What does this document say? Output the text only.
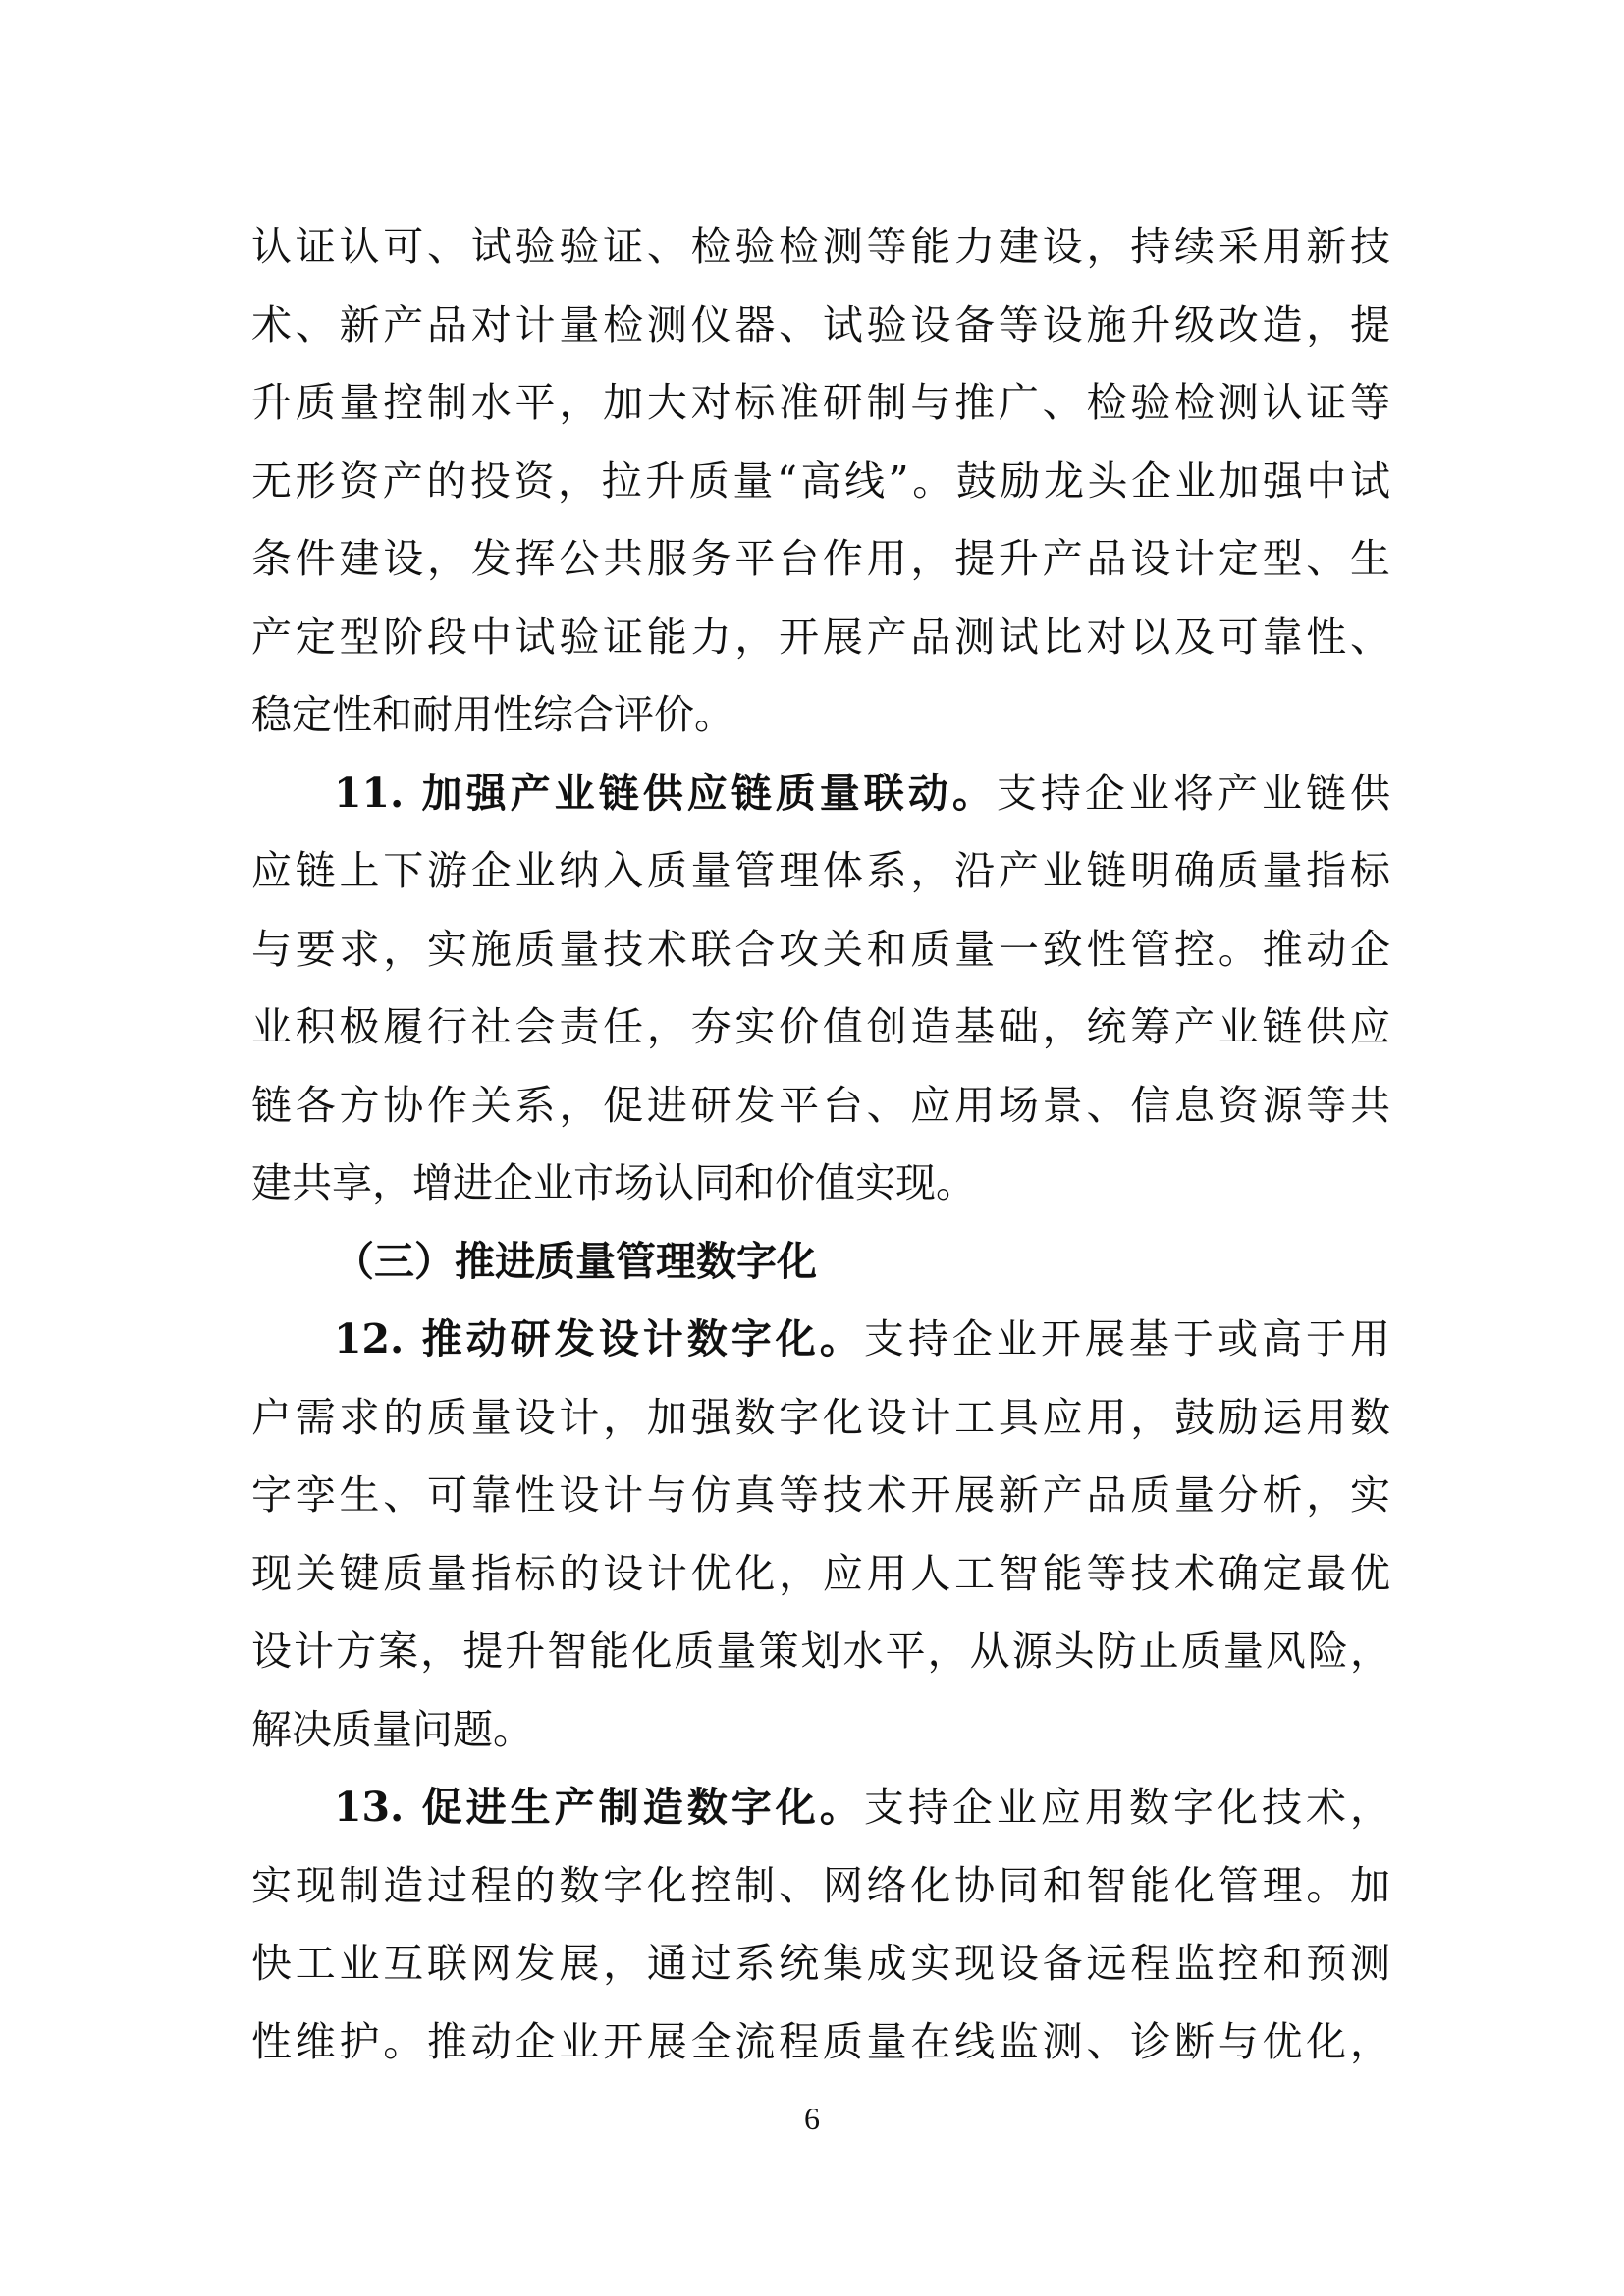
认证认可、试验验证、检验检测等能力建设，持续采用新技
术、新产品对计量检测仪器、试验设备等设施升级改造，提
升质量控制水平，加大对标准研制与推广、检验检测认证等
无形资产的投资，拉升质量“高线”。鼓励龙头企业加强中试
条件建设，发挥公共服务平台作用，提升产品设计定型、生
产定型阶段中试验证能力，开展产品测试比对以及可靠性、
稳定性和耐用性综合评价。
11. 加强产业链供应链质量联动。支持企业将产业链供
应链上下游企业纳入质量管理体系，沿产业链明确质量指标
与要求，实施质量技术联合攻关和质量一致性管控。推动企
业积极履行社会责任，夯实价值创造基础，统筹产业链供应
链各方协作关系，促进研发平台、应用场景、信息资源等共
建共享，增进企业市场认同和价值实现。
（三）推进质量管理数字化
12. 推动研发设计数字化。支持企业开展基于或高于用
户需求的质量设计，加强数字化设计工具应用，鼓励运用数
字孪生、可靠性设计与仿真等技术开展新产品质量分析，实
现关键质量指标的设计优化，应用人工智能等技术确定最优
设计方案，提升智能化质量策划水平，从源头防止质量风险，
解决质量问题。
13. 促进生产制造数字化。支持企业应用数字化技术，
实现制造过程的数字化控制、网络化协同和智能化管理。加
快工业互联网发展，通过系统集成实现设备远程监控和预测
性维护。推动企业开展全流程质量在线监测、诊断与优化，
6
